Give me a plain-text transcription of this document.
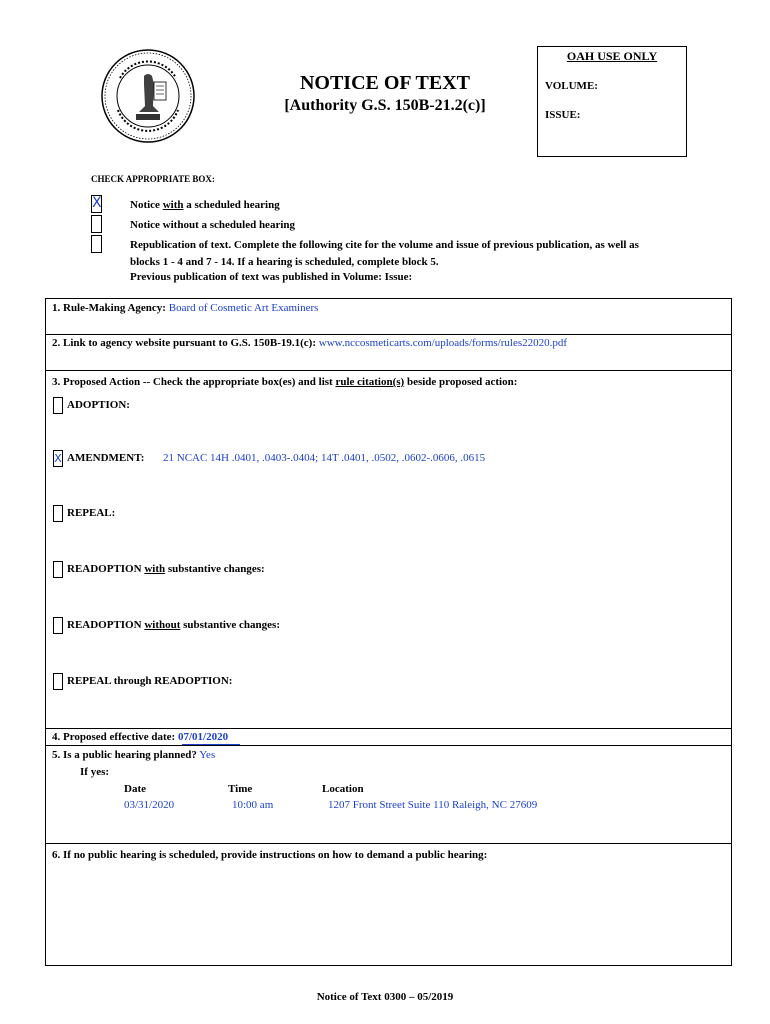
NOTICE OF TEXT
[Authority G.S. 150B-21.2(c)]
OAH USE ONLY
VOLUME:
ISSUE:
CHECK APPROPRIATE BOX:
X	Notice with a scheduled hearing
Notice without a scheduled hearing
Republication of text. Complete the following cite for the volume and issue of previous publication, as well as
blocks 1 - 4 and 7 - 14. If a hearing is scheduled, complete block 5.
Previous publication of text was published in Volume: Issue:
1. Rule-Making Agency: Board of Cosmetic Art Examiners
2. Link to agency website pursuant to G.S. 150B-19.1(c): www.nccosmeticarts.com/uploads/forms/rules22020.pdf
3. Proposed Action -- Check the appropriate box(es) and list rule citation(s) beside proposed action:
ADOPTION:
X AMENDMENT: 21 NCAC 14H .0401, .0403-.0404; 14T .0401, .0502, .0602-.0606, .0615
REPEAL:
READOPTION with substantive changes:
READOPTION without substantive changes:
REPEAL through READOPTION:
4. Proposed effective date: 07/01/2020
5. Is a public hearing planned? Yes
If yes:
Date	Time	Location
03/31/2020	10:00 am	1207 Front Street Suite 110 Raleigh, NC 27609
6. If no public hearing is scheduled, provide instructions on how to demand a public hearing:
Notice of Text 0300 – 05/2019
